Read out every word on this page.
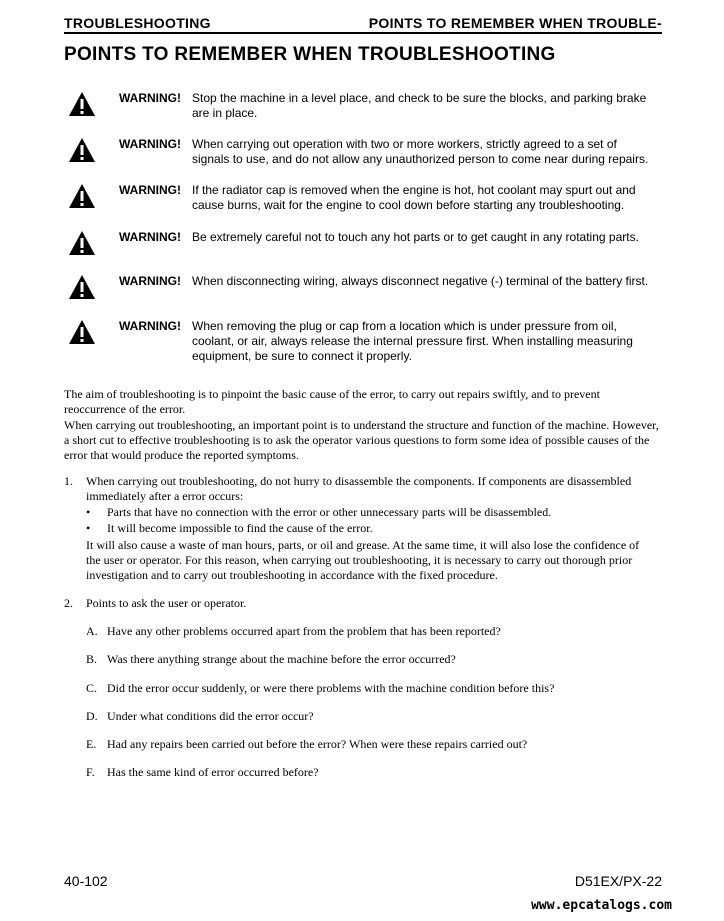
TROUBLESHOOTING	POINTS TO REMEMBER WHEN TROUBLE-
POINTS TO REMEMBER WHEN TROUBLESHOOTING
WARNING! Stop the machine in a level place, and check to be sure the blocks, and parking brake are in place.
WARNING! When carrying out operation with two or more workers, strictly agreed to a set of signals to use, and do not allow any unauthorized person to come near during repairs.
WARNING! If the radiator cap is removed when the engine is hot, hot coolant may spurt out and cause burns, wait for the engine to cool down before starting any troubleshooting.
WARNING! Be extremely careful not to touch any hot parts or to get caught in any rotating parts.
WARNING! When disconnecting wiring, always disconnect negative (-) terminal of the battery first.
WARNING! When removing the plug or cap from a location which is under pressure from oil, coolant, or air, always release the internal pressure first. When installing measuring equipment, be sure to connect it properly.

The aim of troubleshooting is to pinpoint the basic cause of the error, to carry out repairs swiftly, and to prevent reoccurrence of the error.

When carrying out troubleshooting, an important point is to understand the structure and function of the machine. However, a short cut to effective troubleshooting is to ask the operator various questions to form some idea of possible causes of the error that would produce the reported symptoms.

1. When carrying out troubleshooting, do not hurry to disassemble the components. If components are disassembled immediately after a error occurs:
• Parts that have no connection with the error or other unnecessary parts will be disassembled.
• It will become impossible to find the cause of the error.
It will also cause a waste of man hours, parts, or oil and grease. At the same time, it will also lose the confidence of the user or operator. For this reason, when carrying out troubleshooting, it is necessary to carry out thorough prior investigation and to carry out troubleshooting in accordance with the fixed procedure.
2. Points to ask the user or operator.
A. Have any other problems occurred apart from the problem that has been reported?
B. Was there anything strange about the machine before the error occurred?
C. Did the error occur suddenly, or were there problems with the machine condition before this?
D. Under what conditions did the error occur?
E. Had any repairs been carried out before the error? When were these repairs carried out?
F. Has the same kind of error occurred before?
40-102	D51EX/PX-22
www.epcatalogs.com
